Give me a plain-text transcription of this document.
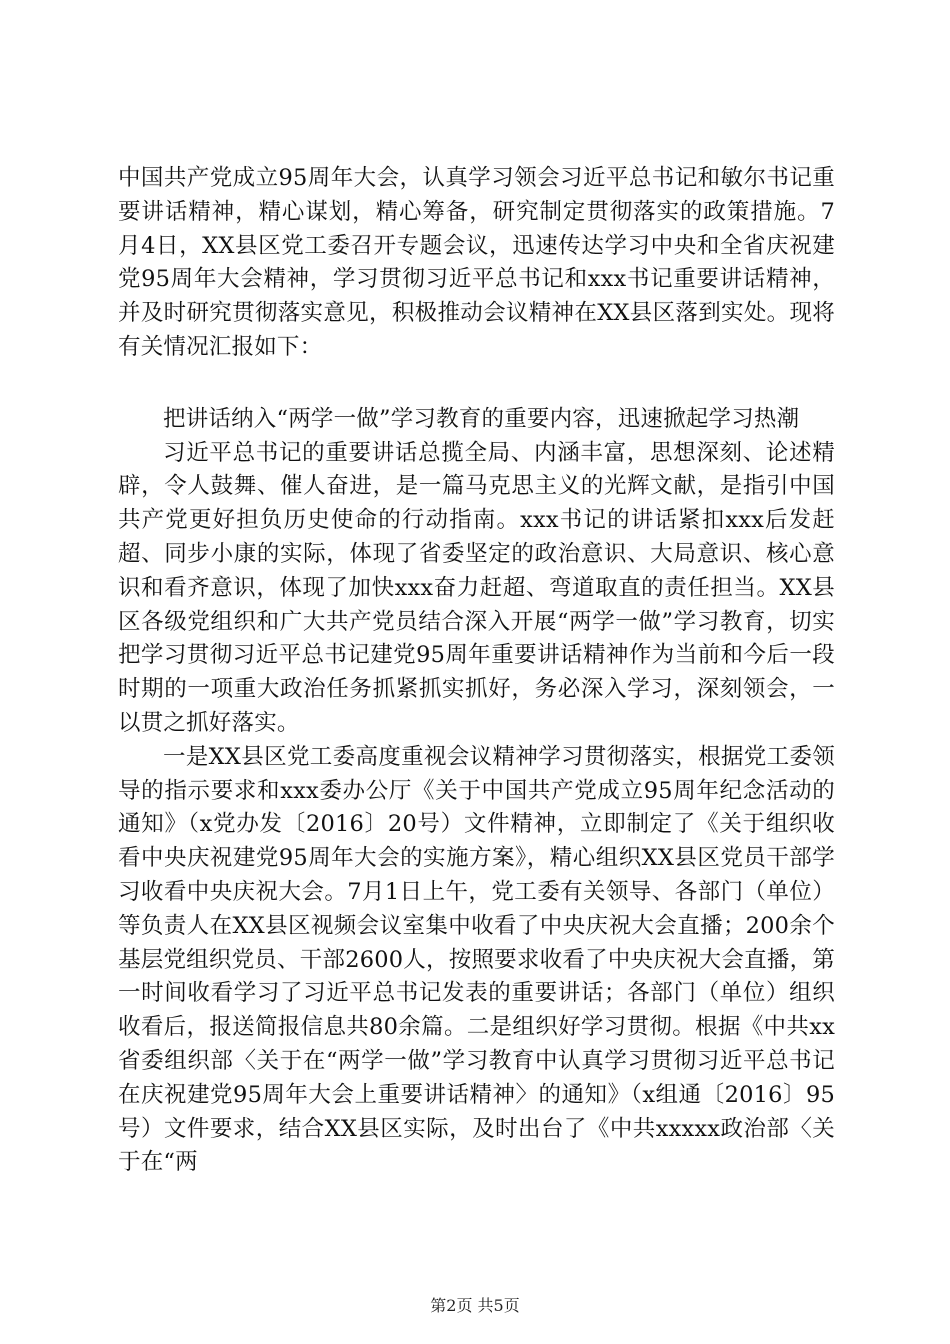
中国共产党成立95周年大会，认真学习领会习近平总书记和敏尔书记重要讲话精神，精心谋划，精心筹备，研究制定贯彻落实的政策措施。7月4日，XX县区党工委召开专题会议，迅速传达学习中央和全省庆祝建党95周年大会精神，学习贯彻习近平总书记和xxx书记重要讲话精神，并及时研究贯彻落实意见，积极推动会议精神在XX县区落到实处。现将有关情况汇报如下：

把讲话纳入“两学一做”学习教育的重要内容，迅速掀起学习热潮

习近平总书记的重要讲话总揽全局、内涵丰富，思想深刻、论述精辟，令人鼓舞、催人奋进，是一篇马克思主义的光辉文献，是指引中国共产党更好担负历史使命的行动指南。xxx书记的讲话紧扣xxx后发赶超、同步小康的实际，体现了省委坚定的政治意识、大局意识、核心意识和看齐意识，体现了加快xxx奋力赶超、弯道取直的责任担当。XX县区各级党组织和广大共产党员结合深入开展“两学一做”学习教育，切实把学习贯彻习近平总书记建党95周年重要讲话精神作为当前和今后一段时期的一项重大政治任务抓紧抓实抓好，务必深入学习，深刻领会，一以贯之抓好落实。

一是XX县区党工委高度重视会议精神学习贯彻落实，根据党工委领导的指示要求和xxx委办公厅《关于中国共产党成立95周年纪念活动的通知》（x党办发〔2016〕20号）文件精神，立即制定了《关于组织收看中央庆祝建党95周年大会的实施方案》，精心组织XX县区党员干部学习收看中央庆祝大会。7月1日上午，党工委有关领导、各部门（单位）等负责人在XX县区视频会议室集中收看了中央庆祝大会直播；200余个基层党组织党员、干部2600人，按照要求收看了中央庆祝大会直播，第一时间收看学习了习近平总书记发表的重要讲话；各部门（单位）组织收看后，报送简报信息共80余篇。二是组织好学习贯彻。根据《中共xx省委组织部〈关于在“两学一做”学习教育中认真学习贯彻习近平总书记在庆祝建党95周年大会上重要讲话精神〉的通知》（x组通〔2016〕95号）文件要求，结合XX县区实际，及时出台了《中共xxxxx政治部〈关于在“两

第2页 共5页
